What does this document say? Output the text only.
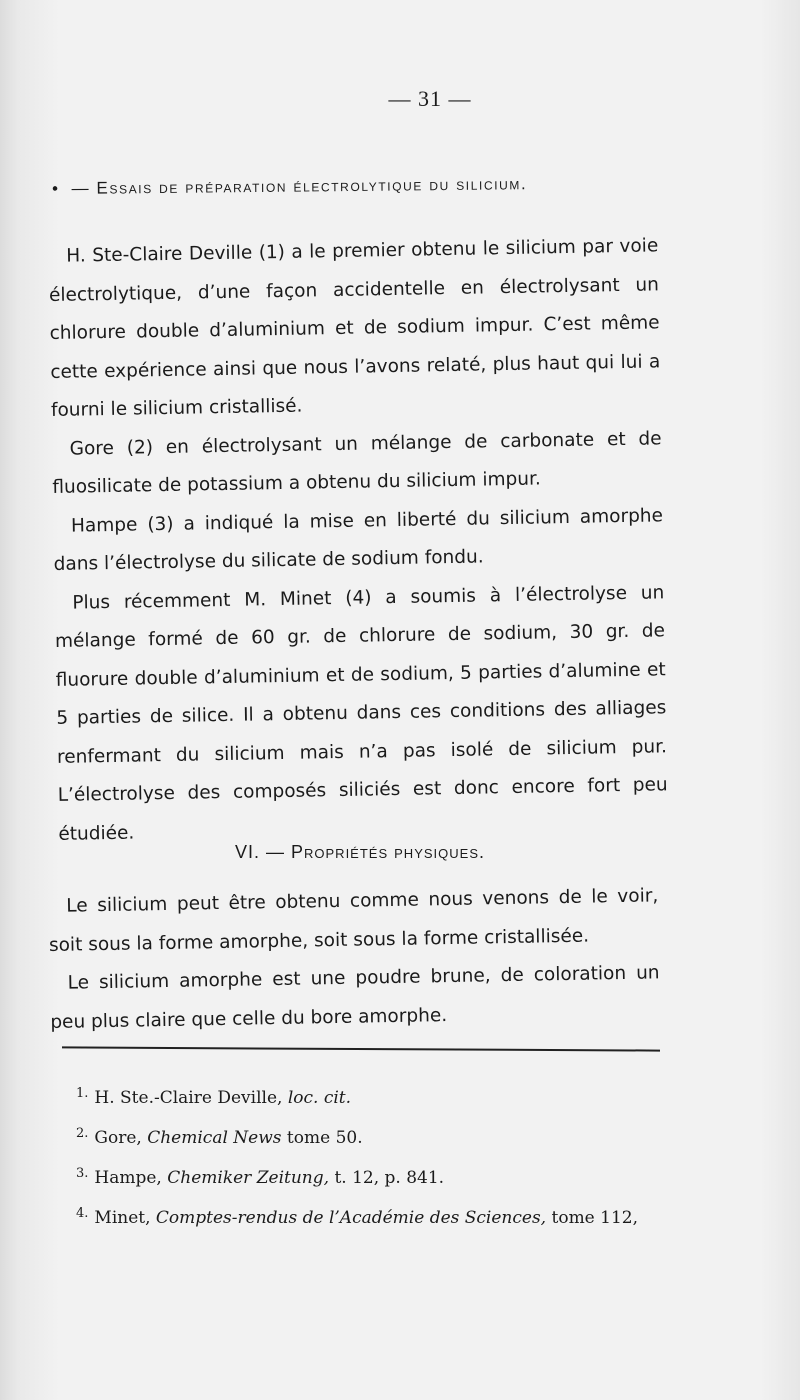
— 31 —
• — Essais de préparation électrolytique du silicium.

H. Ste-Claire Deville (1) a le premier obtenu le silicium par voie électrolytique, d’une façon accidentelle en électrolysant un chlorure double d’aluminium et de sodium impur. C’est même cette expérience ainsi que nous l’avons relaté, plus haut qui lui a fourni le silicium cristallisé.

Gore (2) en électrolysant un mélange de carbonate et de fluosilicate de potassium a obtenu du silicium impur.

Hampe (3) a indiqué la mise en liberté du silicium amorphe dans l’électrolyse du silicate de sodium fondu.

Plus récemment M. Minet (4) a soumis à l’électrolyse un mélange formé de 60 gr. de chlorure de sodium, 30 gr. de fluorure double d’aluminium et de sodium, 5 parties d’alumine et 5 parties de silice. Il a obtenu dans ces conditions des alliages renfermant du silicium mais n’a pas isolé de silicium pur. L’électrolyse des composés siliciés est donc encore fort peu étudiée.

VI. — Propriétés physiques.

Le silicium peut être obtenu comme nous venons de le voir, soit sous la forme amorphe, soit sous la forme cristallisée.

Le silicium amorphe est une poudre brune, de coloration un peu plus claire que celle du bore amorphe.

$^{1.}$ H. Ste.-Claire Deville, loc. cit.
$^{2.}$ Gore, Chemical News tome 50.
$^{3.}$ Hampe, Chemiker Zeitung, t. 12, p. 841.
$^{4.}$ Minet, Comptes-rendus de l’Académie des Sciences, tome 112,
